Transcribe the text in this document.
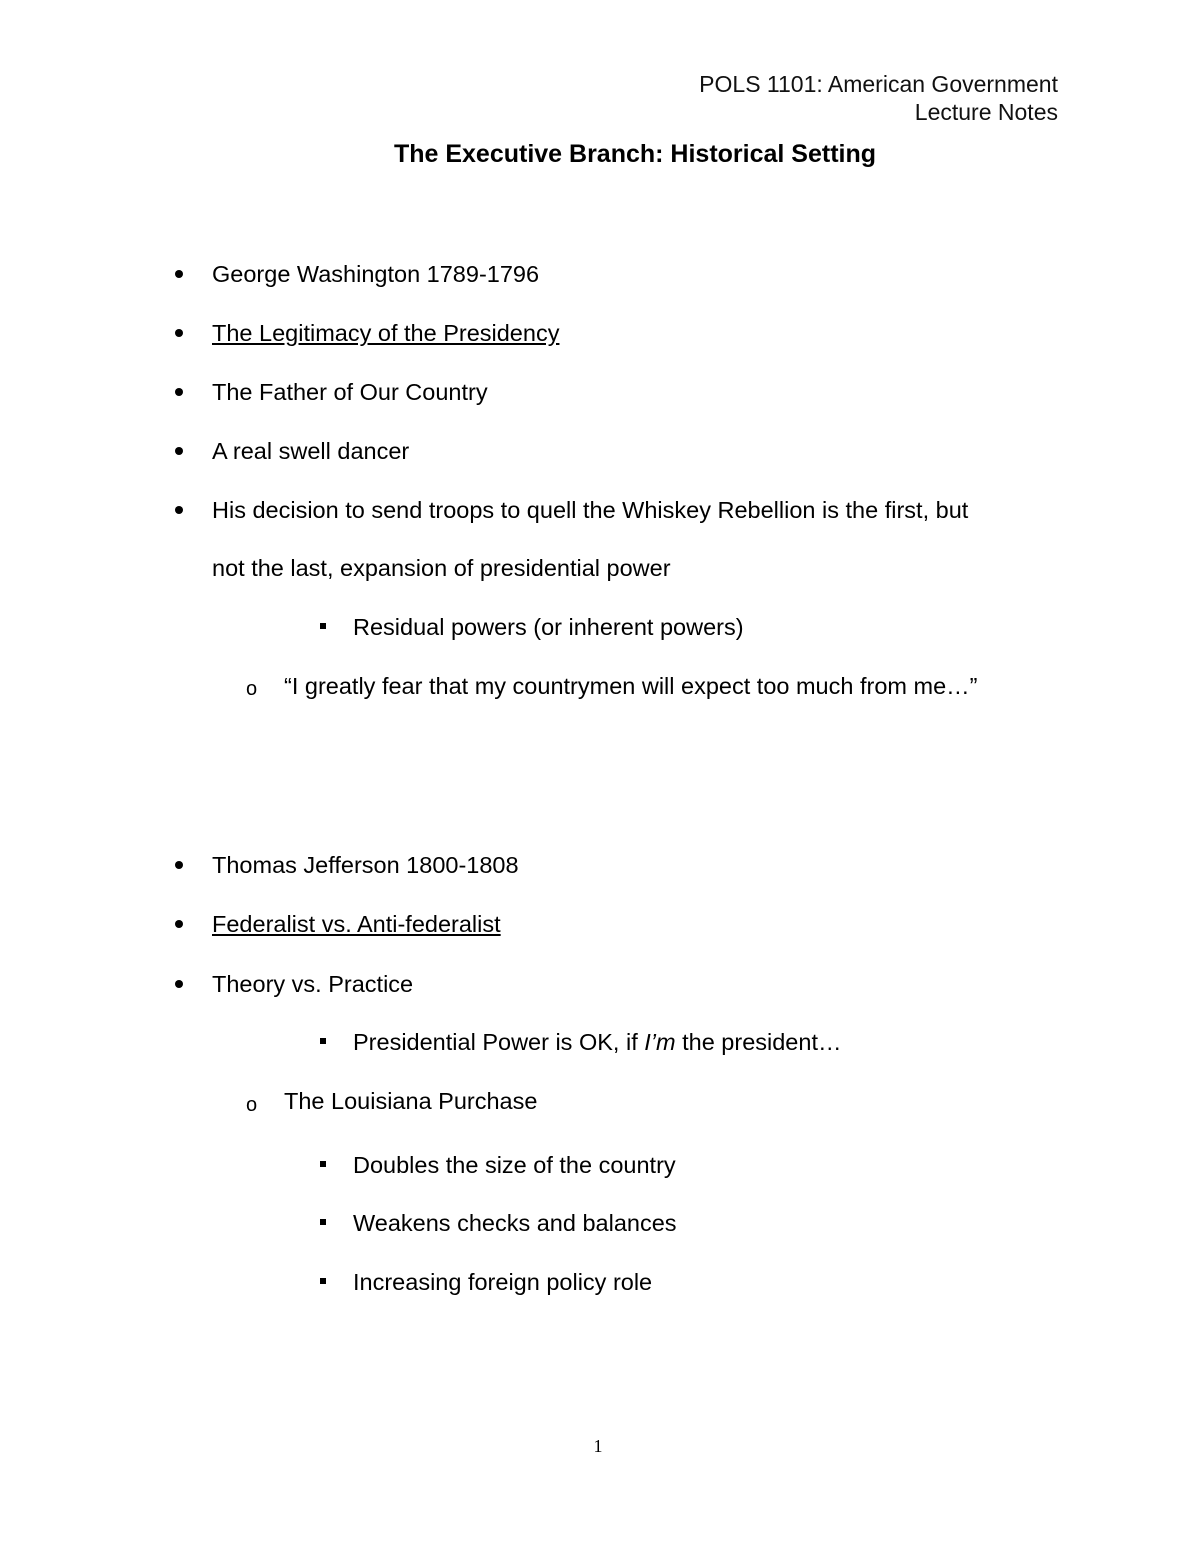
POLS 1101: American Government
Lecture Notes
The Executive Branch: Historical Setting
George Washington 1789-1796
The Legitimacy of the Presidency
The Father of Our Country
A real swell dancer
His decision to send troops to quell the Whiskey Rebellion is the first, but
not the last, expansion of presidential power
Residual powers (or inherent powers)
o “I greatly fear that my countrymen will expect too much from me…”
Thomas Jefferson 1800-1808
Federalist vs. Anti-federalist
Theory vs. Practice
Presidential Power is OK, if I’m the president…
o The Louisiana Purchase
Doubles the size of the country
Weakens checks and balances
Increasing foreign policy role
1
